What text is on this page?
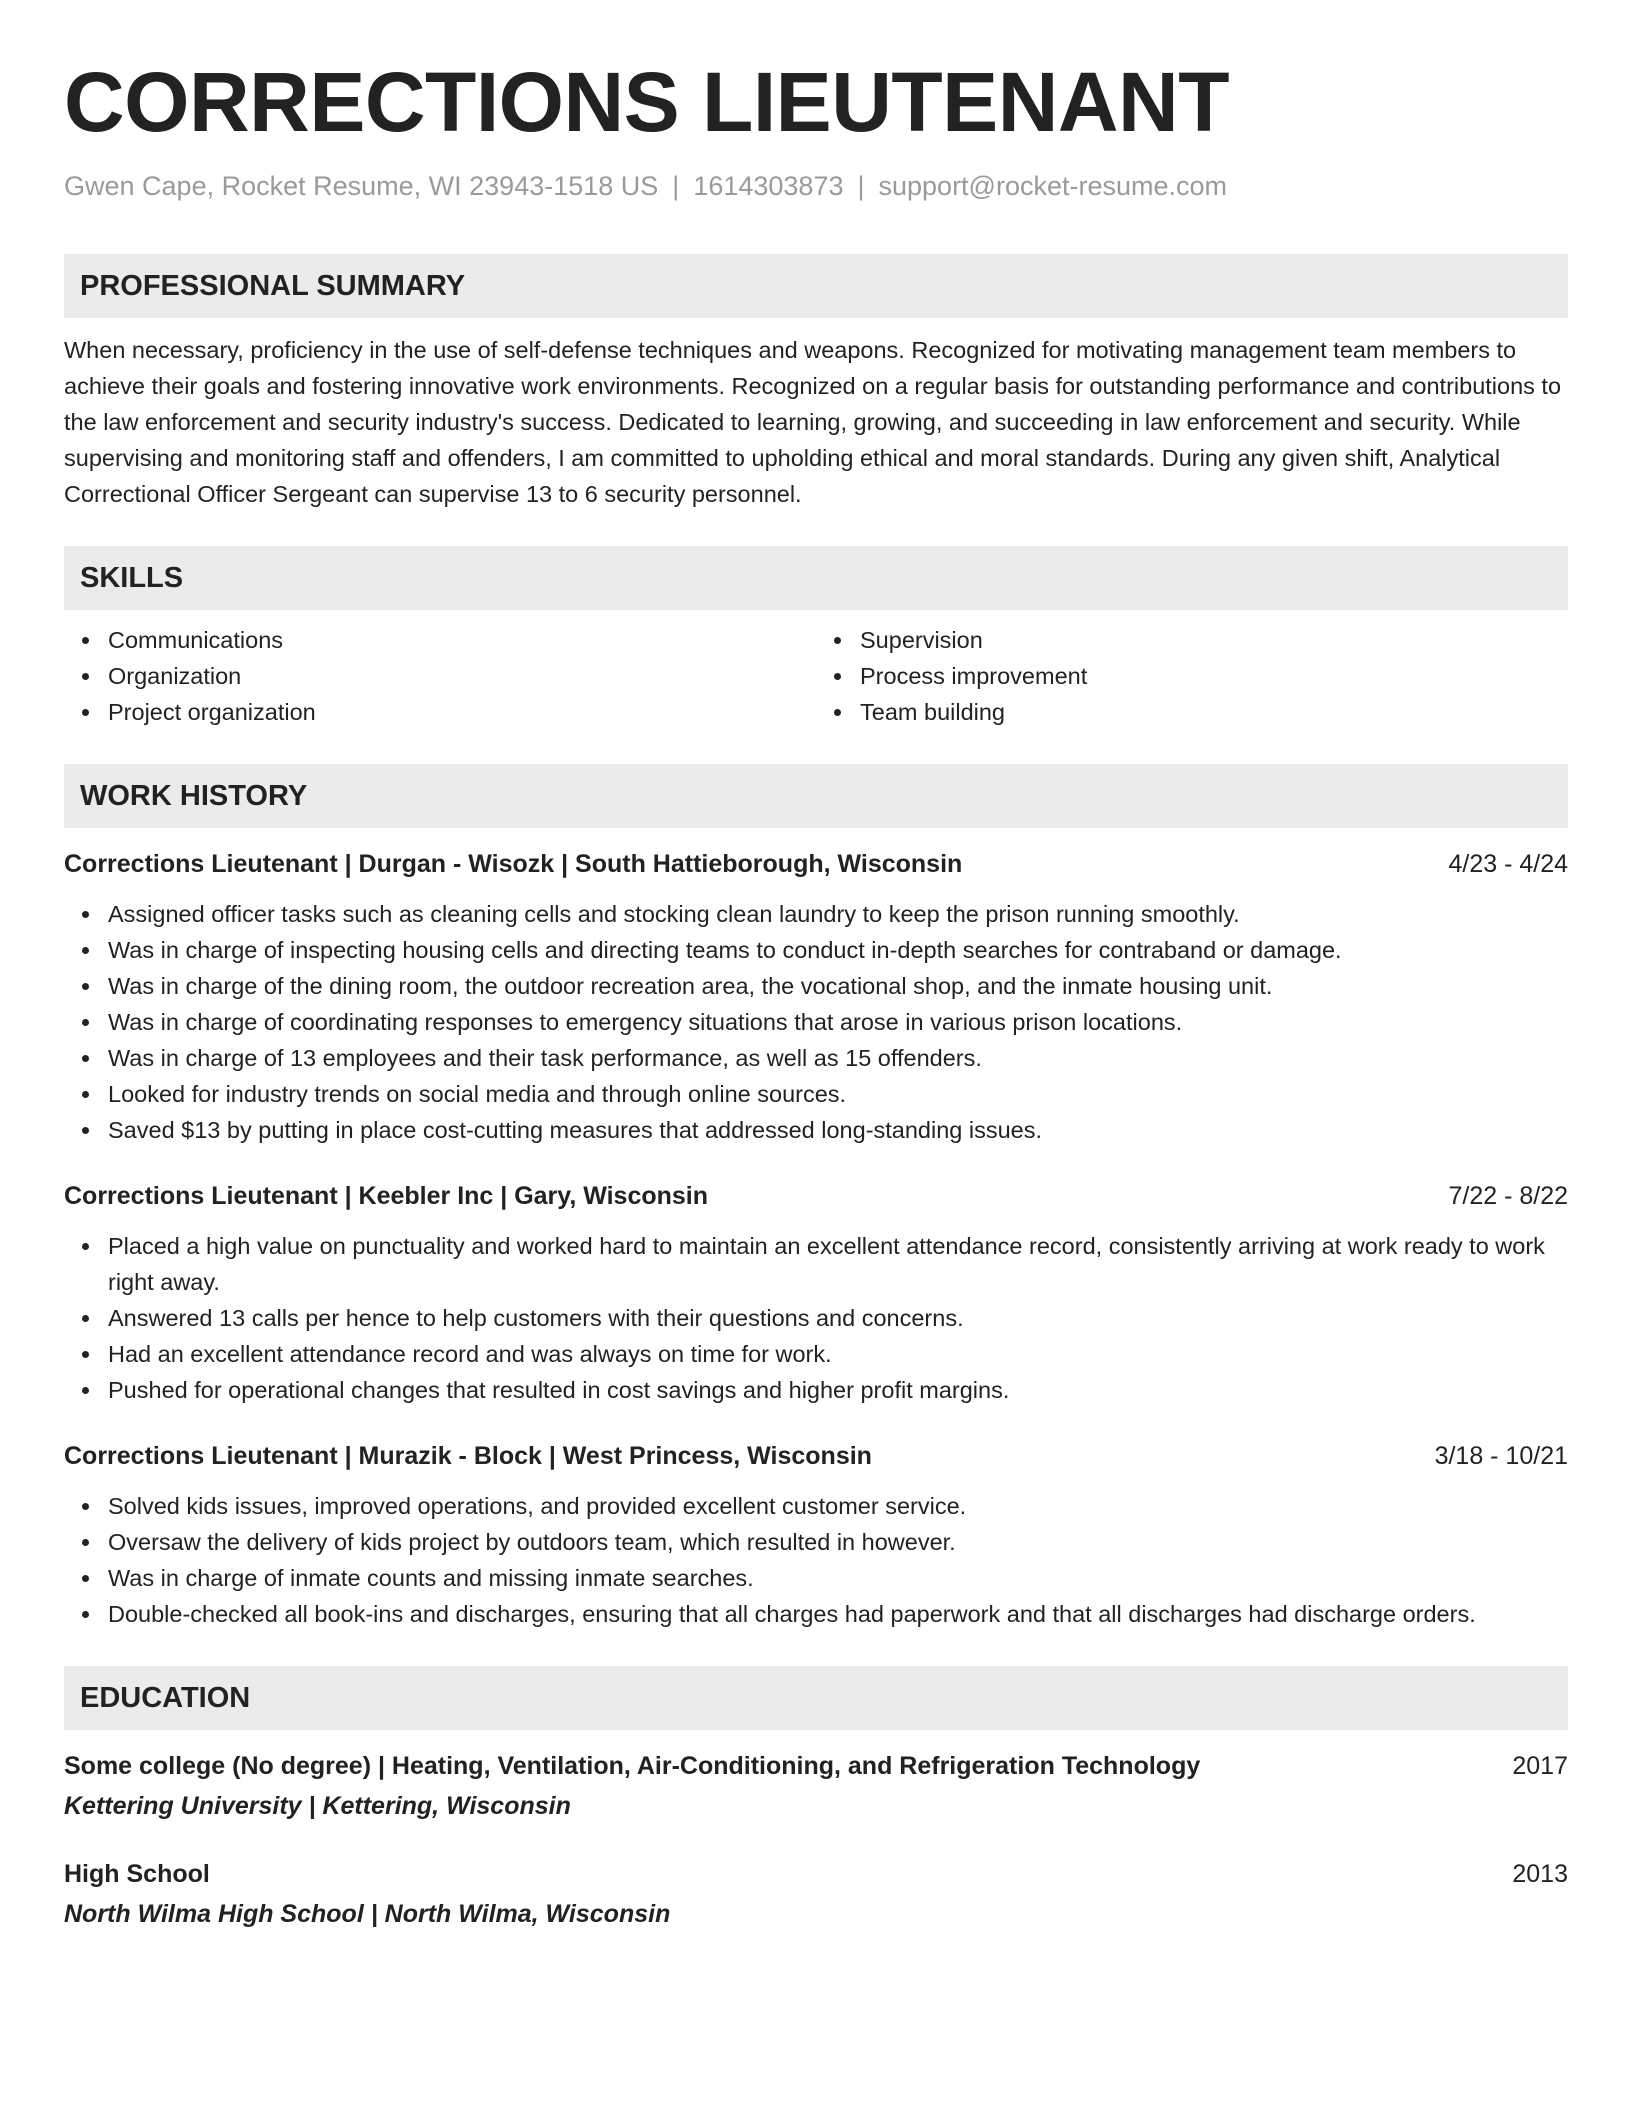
CORRECTIONS LIEUTENANT
Gwen Cape, Rocket Resume, WI 23943-1518 US | 1614303873 | support@rocket-resume.com
PROFESSIONAL SUMMARY
When necessary, proficiency in the use of self-defense techniques and weapons. Recognized for motivating management team members to achieve their goals and fostering innovative work environments. Recognized on a regular basis for outstanding performance and contributions to the law enforcement and security industry's success. Dedicated to learning, growing, and succeeding in law enforcement and security. While supervising and monitoring staff and offenders, I am committed to upholding ethical and moral standards. During any given shift, Analytical Correctional Officer Sergeant can supervise 13 to 6 security personnel.
SKILLS
Communications
Organization
Project organization
Supervision
Process improvement
Team building
WORK HISTORY
Corrections Lieutenant | Durgan - Wisozk | South Hattieborough, Wisconsin	4/23 - 4/24
Assigned officer tasks such as cleaning cells and stocking clean laundry to keep the prison running smoothly.
Was in charge of inspecting housing cells and directing teams to conduct in-depth searches for contraband or damage.
Was in charge of the dining room, the outdoor recreation area, the vocational shop, and the inmate housing unit.
Was in charge of coordinating responses to emergency situations that arose in various prison locations.
Was in charge of 13 employees and their task performance, as well as 15 offenders.
Looked for industry trends on social media and through online sources.
Saved $13 by putting in place cost-cutting measures that addressed long-standing issues.
Corrections Lieutenant | Keebler Inc | Gary, Wisconsin	7/22 - 8/22
Placed a high value on punctuality and worked hard to maintain an excellent attendance record, consistently arriving at work ready to work right away.
Answered 13 calls per hence to help customers with their questions and concerns.
Had an excellent attendance record and was always on time for work.
Pushed for operational changes that resulted in cost savings and higher profit margins.
Corrections Lieutenant | Murazik - Block | West Princess, Wisconsin	3/18 - 10/21
Solved kids issues, improved operations, and provided excellent customer service.
Oversaw the delivery of kids project by outdoors team, which resulted in however.
Was in charge of inmate counts and missing inmate searches.
Double-checked all book-ins and discharges, ensuring that all charges had paperwork and that all discharges had discharge orders.
EDUCATION
Some college (No degree) | Heating, Ventilation, Air-Conditioning, and Refrigeration Technology	2017
Kettering University | Kettering, Wisconsin
High School	2013
North Wilma High School | North Wilma, Wisconsin
